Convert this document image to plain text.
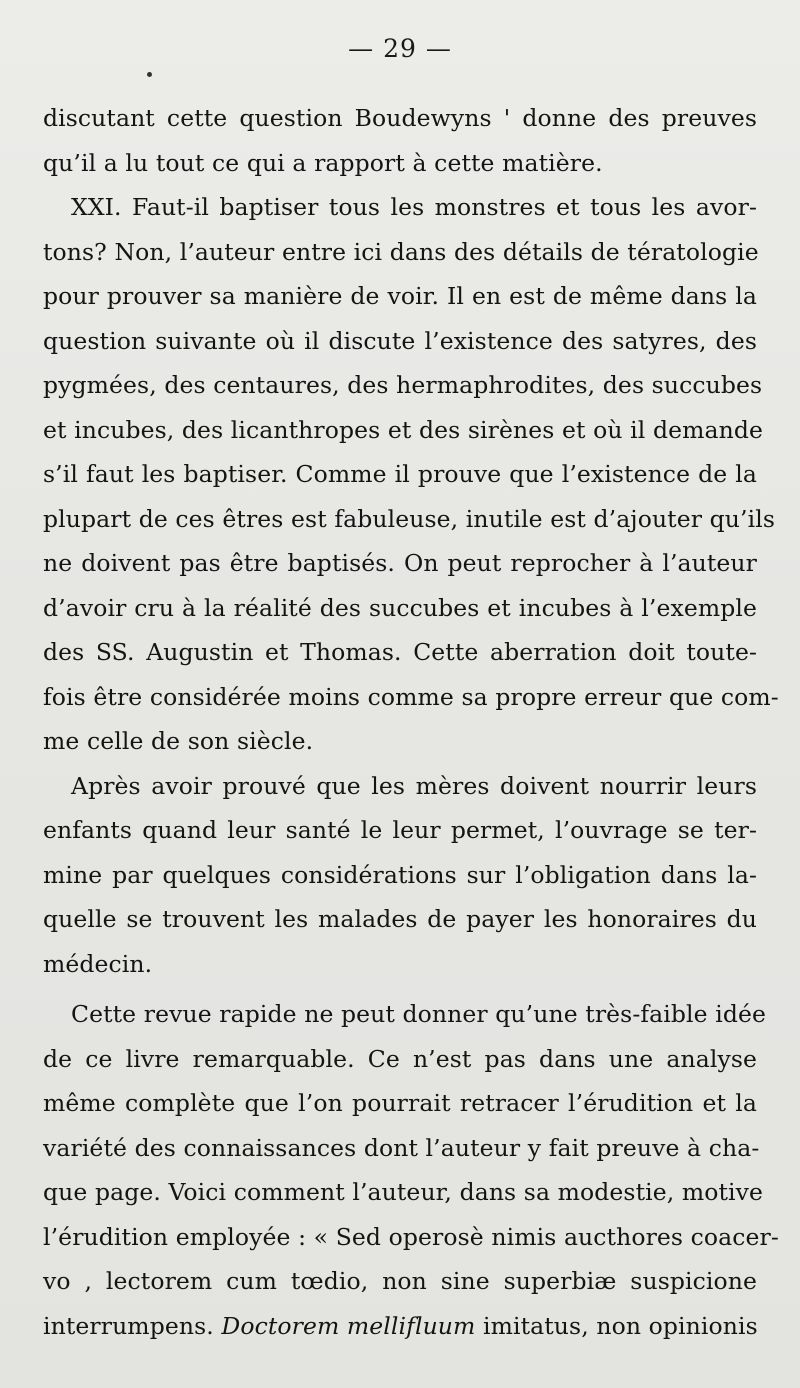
— 29 —
discutant cette question Boudewyns ' donne des preuves
qu’il a lu tout ce qui a rapport à cette matière.
XXI. Faut-il baptiser tous les monstres et tous les avor-
tons? Non, l’auteur entre ici dans des détails de tératologie
pour prouver sa manière de voir. Il en est de même dans la
question suivante où il discute l’existence des satyres, des
pygmées, des centaures, des hermaphrodites, des succubes
et incubes, des licanthropes et des sirènes et où il demande
s’il faut les baptiser. Comme il prouve que l’existence de la
plupart de ces êtres est fabuleuse, inutile est d’ajouter qu’ils
ne doivent pas être baptisés. On peut reprocher à l’auteur
d’avoir cru à la réalité des succubes et incubes à l’exemple
des SS. Augustin et Thomas. Cette aberration doit toute-
fois être considérée moins comme sa propre erreur que com-
me celle de son siècle.
Après avoir prouvé que les mères doivent nourrir leurs
enfants quand leur santé le leur permet, l’ouvrage se ter-
mine par quelques considérations sur l’obligation dans la-
quelle se trouvent les malades de payer les honoraires du
médecin.
Cette revue rapide ne peut donner qu’une très-faible idée
de ce livre remarquable. Ce n’est pas dans une analyse
même complète que l’on pourrait retracer l’érudition et la
variété des connaissances dont l’auteur y fait preuve à cha-
que page. Voici comment l’auteur, dans sa modestie, motive
l’érudition employée : « Sed operosè nimis aucthores coacer-
vo , lectorem cum tœdio, non sine superbiæ suspicione
interrumpens. Doctorem mellifluum imitatus, non opinionis
